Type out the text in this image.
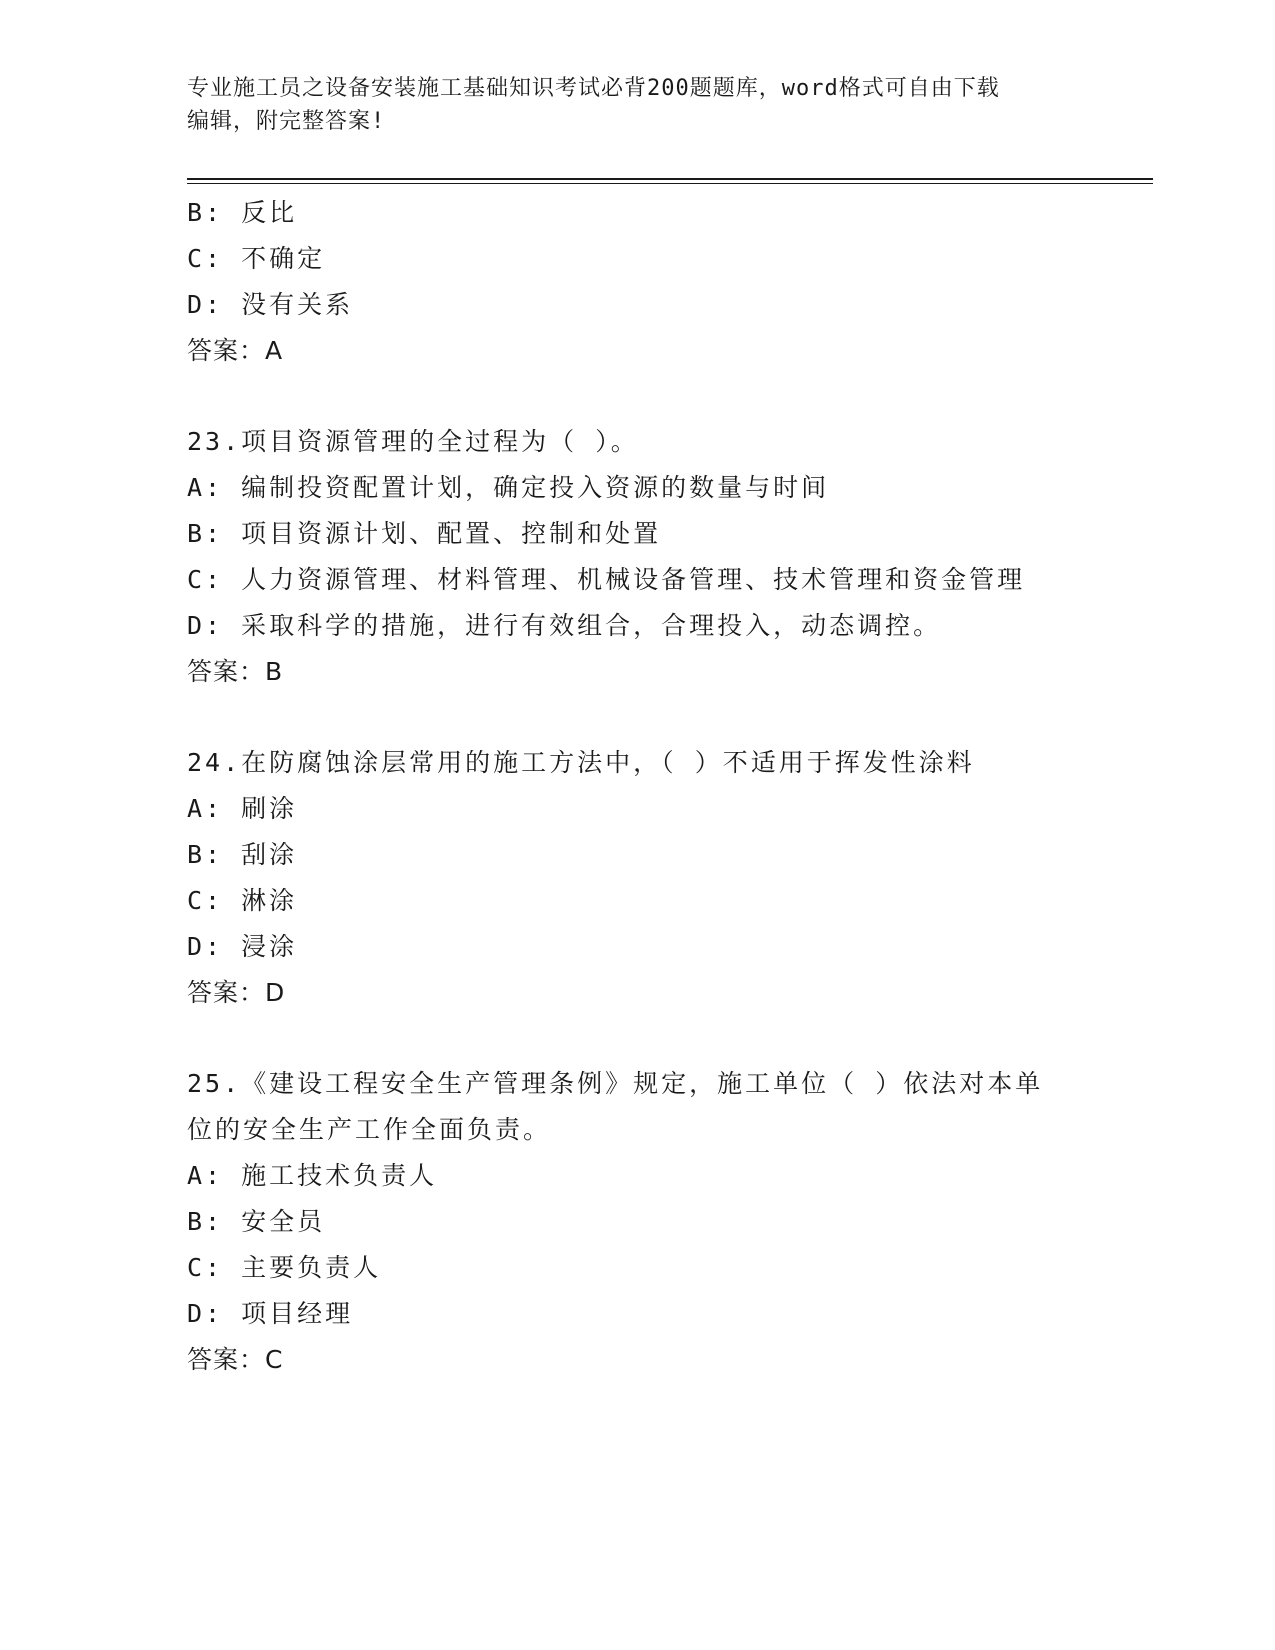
专业施工员之设备安装施工基础知识考试必背200题题库，word格式可自由下载
编辑，附完整答案!
B: 反比
C: 不确定
D: 没有关系
答案：A
23.项目资源管理的全过程为（ ）。
A: 编制投资配置计划，确定投入资源的数量与时间
B: 项目资源计划、配置、控制和处置
C: 人力资源管理、材料管理、机械设备管理、技术管理和资金管理
D: 采取科学的措施，进行有效组合，合理投入，动态调控。
答案：B
24.在防腐蚀涂层常用的施工方法中，（ ）不适用于挥发性涂料
A: 刷涂
B: 刮涂
C: 淋涂
D: 浸涂
答案：D
25.《建设工程安全生产管理条例》规定，施工单位（ ）依法对本单
位的安全生产工作全面负责。
A: 施工技术负责人
B: 安全员
C: 主要负责人
D: 项目经理
答案：C
